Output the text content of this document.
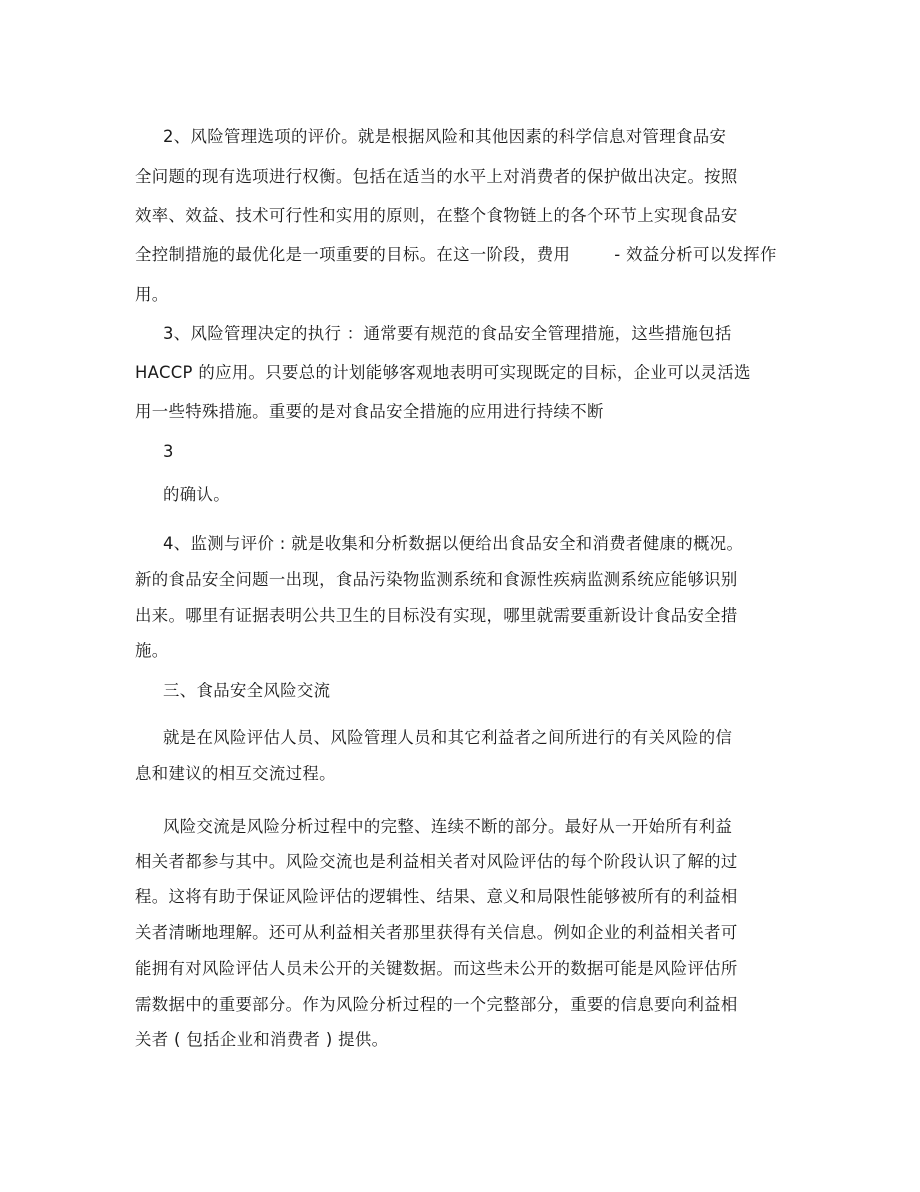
2、风险管理选项的评价。就是根据风险和其他因素的科学信息对管理食品安
全问题的现有选项进行权衡。包括在适当的水平上对消费者的保护做出决定。按照
效率、效益、技术可行性和实用的原则，在整个食物链上的各个环节上实现食品安
全控制措施的最优化是一项重要的目标。在这一阶段，费用	- 效益分析可以发挥作
用。
3、风险管理决定的执行 ：通常要有规范的食品安全管理措施，这些措施包括
HACCP 的应用。只要总的计划能够客观地表明可实现既定的目标，企业可以灵活选
用一些特殊措施。重要的是对食品安全措施的应用进行持续不断
3
的确认。
4、监测与评价 : 就是收集和分析数据以便给出食品安全和消费者健康的概况。
新的食品安全问题一出现，食品污染物监测系统和食源性疾病监测系统应能够识别
出来。哪里有证据表明公共卫生的目标没有实现，哪里就需要重新设计食品安全措
施。
三、食品安全风险交流
就是在风险评估人员、风险管理人员和其它利益者之间所进行的有关风险的信
息和建议的相互交流过程。
风险交流是风险分析过程中的完整、连续不断的部分。最好从一开始所有利益
相关者都参与其中。风险交流也是利益相关者对风险评估的每个阶段认识了解的过
程。这将有助于保证风险评估的逻辑性、结果、意义和局限性能够被所有的利益相
关者清晰地理解。还可从利益相关者那里获得有关信息。例如企业的利益相关者可
能拥有对风险评估人员未公开的关键数据。而这些未公开的数据可能是风险评估所
需数据中的重要部分。作为风险分析过程的一个完整部分，重要的信息要向利益相
关者 ( 包括企业和消费者 ) 提供。
